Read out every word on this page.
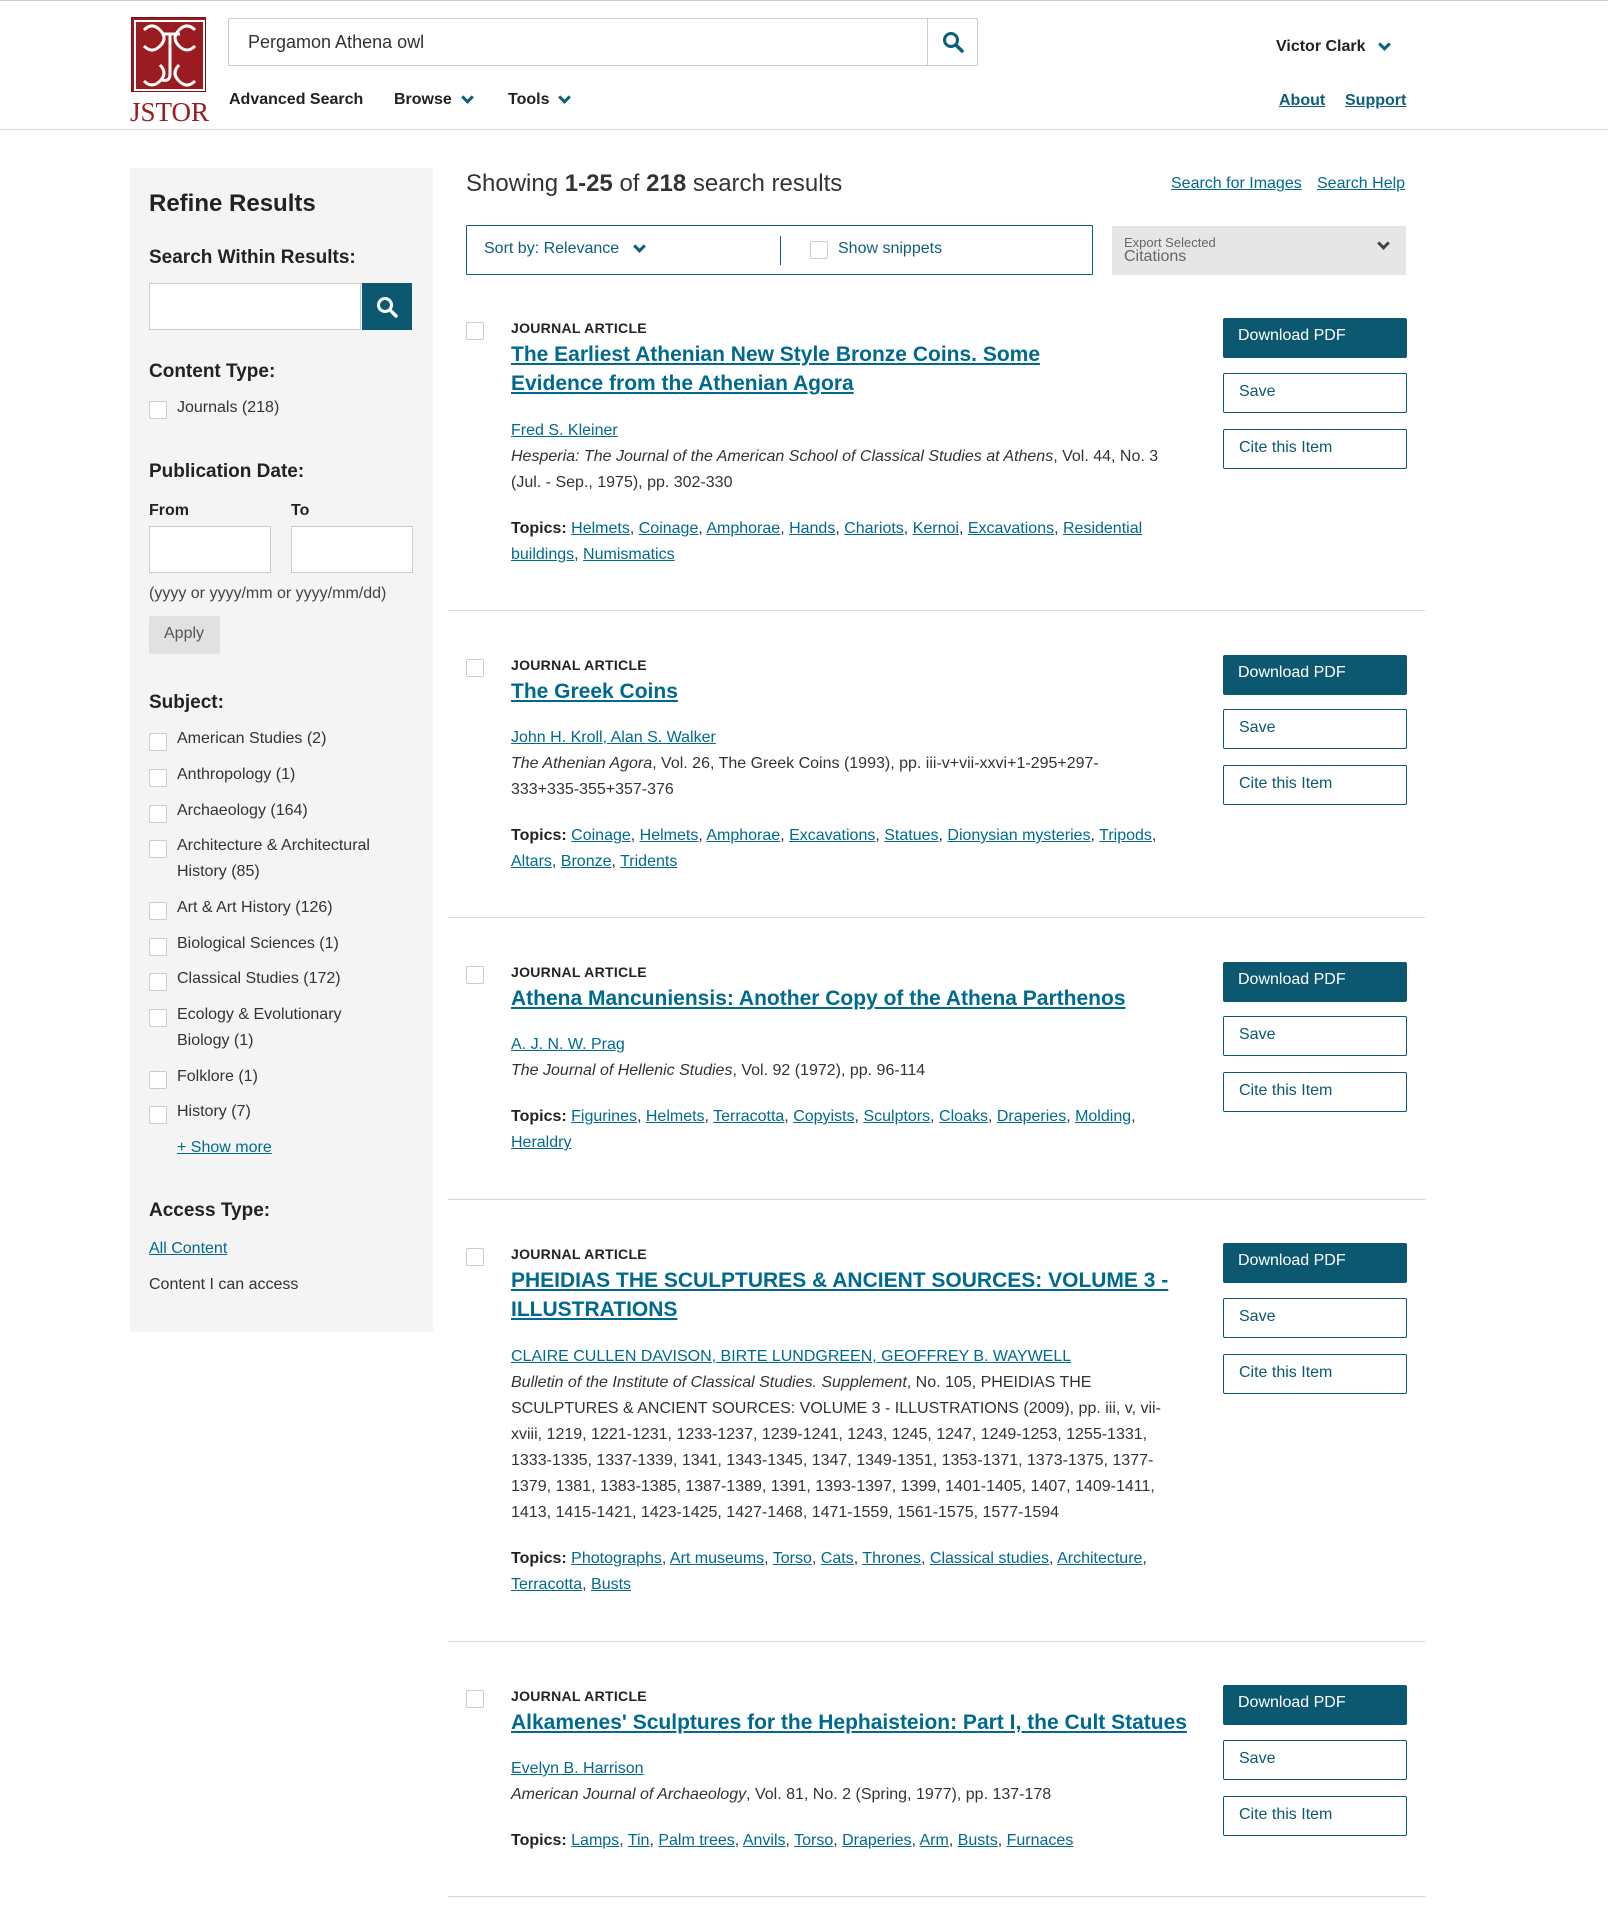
JSTOR
Pergamon Athena owl Advanced Search Browse	Tools
Victor Clark
About Support
Refine Results
Search Within Results:
Content Type:
Journals (218)
Publication Date:
From	To
(yyyy or yyyy/mm or yyyy/mm/dd)
Apply
Subject:
American Studies (2)
Anthropology (1)
Archaeology (164)
Architecture & Architectural History (85)
Art & Art History (126)
Biological Sciences (1)
Classical Studies (172)
Ecology & Evolutionary Biology (1)
Folklore (1)
History (7)
+ Show more
Access Type:
All Content
Content I can access
Showing 1-25 of 218 search results	Search for Images Search Help
Sort by: Relevance	Show snippets	Export Selected
Citations
JOURNAL ARTICLE
The Earliest Athenian New Style Bronze Coins. Some Evidence from the Athenian Agora
Fred S. Kleiner
Hesperia: The Journal of the American School of Classical Studies at Athens, Vol. 44, No. 3 (Jul. - Sep., 1975), pp. 302-330
Topics: Helmets, Coinage, Amphorae, Hands, Chariots, Kernoi, Excavations, Residential buildings, Numismatics
Download PDF
Save
Cite this Item
JOURNAL ARTICLE
The Greek Coins
John H. Kroll, Alan S. Walker
The Athenian Agora, Vol. 26, The Greek Coins (1993), pp. iii-v+vii-xxvi+1-295+297-333+335-355+357-376
Topics: Coinage, Helmets, Amphorae, Excavations, Statues, Dionysian mysteries, Tripods, Altars, Bronze, Tridents
Download PDF
Save
Cite this Item
JOURNAL ARTICLE
Athena Mancuniensis: Another Copy of the Athena Parthenos
A. J. N. W. Prag
The Journal of Hellenic Studies, Vol. 92 (1972), pp. 96-114
Topics: Figurines, Helmets, Terracotta, Copyists, Sculptors, Cloaks, Draperies, Molding, Heraldry
Download PDF
Save
Cite this Item
JOURNAL ARTICLE
PHEIDIAS THE SCULPTURES & ANCIENT SOURCES: VOLUME 3 - ILLUSTRATIONS
CLAIRE CULLEN DAVISON, BIRTE LUNDGREEN, GEOFFREY B. WAYWELL
Bulletin of the Institute of Classical Studies. Supplement, No. 105, PHEIDIAS THE SCULPTURES & ANCIENT SOURCES: VOLUME 3 - ILLUSTRATIONS (2009), pp. iii, v, vii-xviii, 1219, 1221-1231, 1233-1237, 1239-1241, 1243, 1245, 1247, 1249-1253, 1255-1331, 1333-1335, 1337-1339, 1341, 1343-1345, 1347, 1349-1351, 1353-1371, 1373-1375, 1377-1379, 1381, 1383-1385, 1387-1389, 1391, 1393-1397, 1399, 1401-1405, 1407, 1409-1411, 1413, 1415-1421, 1423-1425, 1427-1468, 1471-1559, 1561-1575, 1577-1594
Topics: Photographs, Art museums, Torso, Cats, Thrones, Classical studies, Architecture, Terracotta, Busts
Download PDF
Save
Cite this Item
JOURNAL ARTICLE
Alkamenes' Sculptures for the Hephaisteion: Part I, the Cult Statues
Evelyn B. Harrison
American Journal of Archaeology, Vol. 81, No. 2 (Spring, 1977), pp. 137-178
Topics: Lamps, Tin, Palm trees, Anvils, Torso, Draperies, Arm, Busts, Furnaces
Download PDF
Save
Cite this Item
